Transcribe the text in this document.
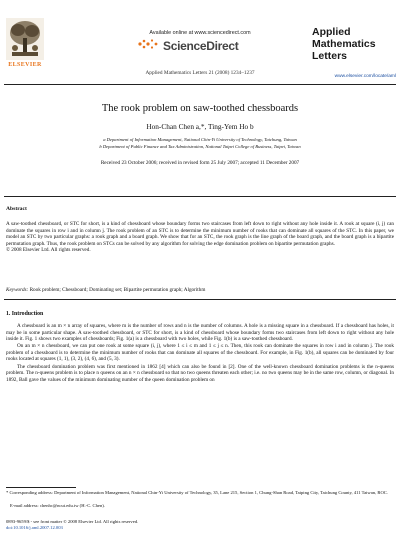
ELSEVIER
Available online at www.sciencedirect.com
ScienceDirect
Applied Mathematics Letters 21 (2008) 1234–1237
Applied
Mathematics
Letters
www.elsevier.com/locate/aml
The rook problem on saw-toothed chessboards
Hon-Chan Chen a,*, Ting-Yem Ho b
a Department of Information Management, National Chin-Yi University of Technology, Taichung, Taiwan
b Department of Public Finance and Tax Administration, National Taipei College of Business, Taipei, Taiwan
Received 23 October 2006; received in revised form 25 July 2007; accepted 11 December 2007
Abstract
A saw-toothed chessboard, or STC for short, is a kind of chessboard whose boundary forms two staircases from left down to right without any hole inside it. A rook at square (i, j) can dominate the squares in row i and in column j. The rook problem of an STC is to determine the minimum number of rooks that can dominate all squares of the STC. In this paper, we model an STC by two particular graphs: a rook graph and a board graph. We show that for an STC, the rook graph is the line graph of the board graph, and the board graph is a bipartite permutation graph. Thus, the rook problem on STCs can be solved by any algorithm for solving the edge domination problem on bipartite permutation graphs.
© 2008 Elsevier Ltd. All rights reserved.
Keywords: Rook problem; Chessboard; Dominating set; Bipartite permutation graph; Algorithm
1. Introduction

A chessboard is an m × n array of squares, where m is the number of rows and n is the number of columns. A hole is a missing square in a chessboard. If a chessboard has holes, it may be in some particular shape. A saw-toothed chessboard, or STC for short, is a kind of chessboard whose boundary forms two staircases from left down to right without any hole inside it. Fig. 1 shows two examples of chessboards; Fig. 1(a) is a chessboard with two holes, while Fig. 1(b) is a saw-toothed chessboard.

On an m × n chessboard, we can put one rook at some square (i, j), where 1 ≤ i ≤ m and 1 ≤ j ≤ n. Then, this rook can dominate the squares in row i and in column j. The rook problem of a chessboard is to determine the minimum number of rooks that can dominate all squares of the chessboard. For example, in Fig. 1(b), all squares can be dominated by four rooks located at squares (1, 1), (3, 2), (4, 6), and (5, 3).

The chessboard domination problem was first mentioned in 1862 [4] which can also be found in [2]. One of the well-known chessboard domination problems is the n-queens problem. The n-queens problem is to place n queens on an n × n chessboard so that no two queens threaten each other; i.e. no two queens may be in the same row, column, or diagonal. In 1892, Ball gave the values of the minimum dominating number of the queen domination problem on

* Corresponding address: Department of Information Management, National Chin-Yi University of Technology, 35, Lane 215, Section 1, Chung-Shan Road, Taiping City, Taichung County, 411 Taiwan, ROC.
E-mail address: chenhc@ncut.edu.tw (H.-C. Chen).
0893-9659/$ - see front matter © 2008 Elsevier Ltd. All rights reserved.
doi:10.1016/j.aml.2007.12.003
